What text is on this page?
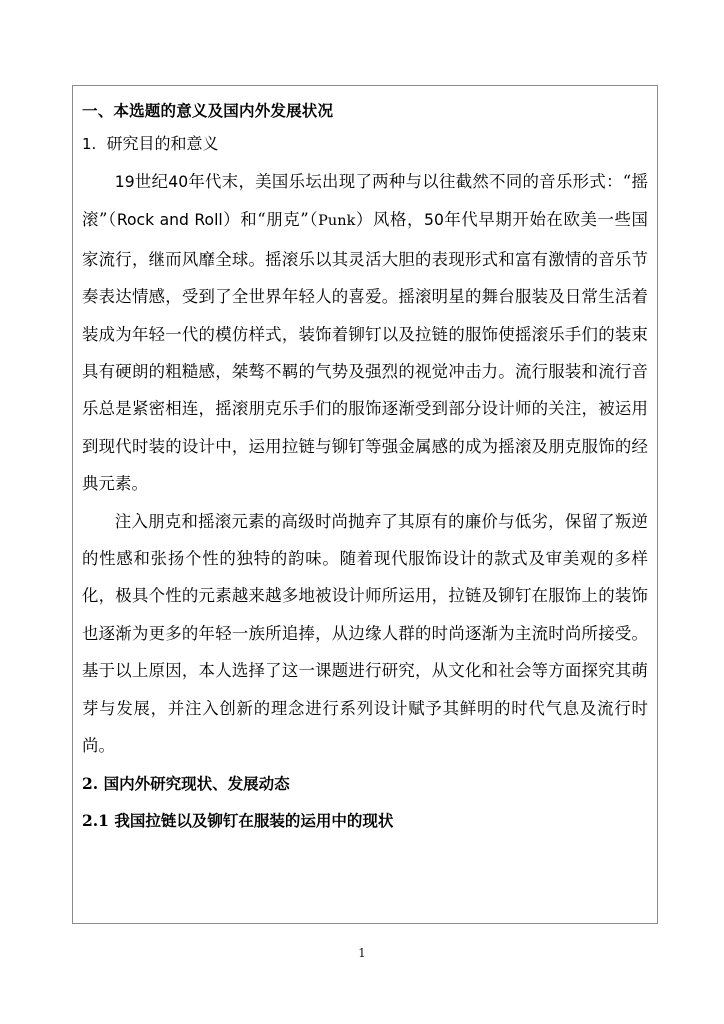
一、本选题的意义及国内外发展状况
1. 研究目的和意义

19世纪40年代末，美国乐坛出现了两种与以往截然不同的音乐形式：“摇滚”（Rock and Roll）和“朋克”（Punk）风格，50年代早期开始在欧美一些国家流行，继而风靡全球。摇滚乐以其灵活大胆的表现形式和富有激情的音乐节奏表达情感，受到了全世界年轻人的喜爱。摇滚明星的舞台服装及日常生活着装成为年轻一代的模仿样式，装饰着铆钉以及拉链的服饰使摇滚乐手们的装束具有硬朗的粗糙感，桀骜不羁的气势及强烈的视觉冲击力。流行服装和流行音乐总是紧密相连，摇滚朋克乐手们的服饰逐渐受到部分设计师的关注，被运用到现代时装的设计中，运用拉链与铆钉等强金属感的成为摇滚及朋克服饰的经典元素。

注入朋克和摇滚元素的高级时尚抛弃了其原有的廉价与低劣，保留了叛逆的性感和张扬个性的独特的韵味。随着现代服饰设计的款式及审美观的多样化，极具个性的元素越来越多地被设计师所运用，拉链及铆钉在服饰上的装饰也逐渐为更多的年轻一族所追捧，从边缘人群的时尚逐渐为主流时尚所接受。基于以上原因，本人选择了这一课题进行研究，从文化和社会等方面探究其萌芽与发展，并注入创新的理念进行系列设计赋予其鲜明的时代气息及流行时尚。

2. 国内外研究现状、发展动态
2.1 我国拉链以及铆钉在服装的运用中的现状
1
